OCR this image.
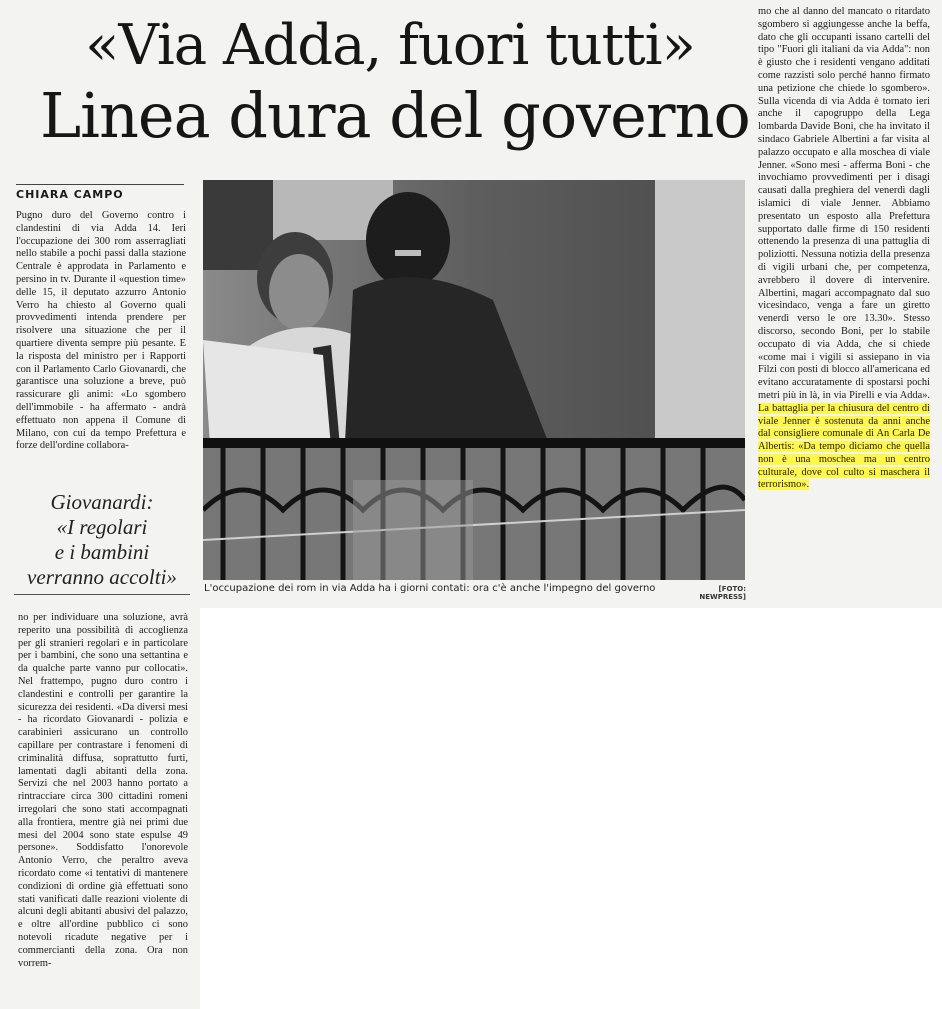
«Via Adda, fuori tutti»
Linea dura del governo

CHIARA CAMPO

Pugno duro del Governo contro i clandestini di via Adda 14. Ieri l'occupazione dei 300 rom asserragliati nello stabile a pochi passi dalla stazione Centrale è approdata in Parlamento e persino in tv. Durante il «question time» delle 15, il deputato azzurro Antonio Verro ha chiesto al Governo quali provvedimenti intenda prendere per risolvere una situazione che per il quartiere diventa sempre più pesante. E la risposta del ministro per i Rapporti con il Parlamento Carlo Giovanardi, che garantisce una soluzione a breve, può rassicurare gli animi: «Lo sgombero dell'immobile - ha affermato - andrà effettuato non appena il Comune di Milano, con cui da tempo Prefettura e forze dell'ordine collabora-

Giovanardi:
«I regolari
e i bambini
verranno accolti»	L'occupazione dei rom in via Adda ha i giorni contati: ora c'è anche l'impegno del governo	[FOTO: NEWPRESS]

mo che al danno del mancato o ritardato sgombero si aggiungesse anche la beffa, dato che gli occupanti issano cartelli del tipo "Fuori gli italiani da via Adda": non è giusto che i residenti vengano additati come razzisti solo perché hanno firmato una petizione che chiede lo sgombero». Sulla vicenda di via Adda è tornato ieri anche il capogruppo della Lega lombarda Davide Boni, che ha invitato il sindaco Gabriele Albertini a far visita al palazzo occupato e alla moschea di viale Jenner. «Sono mesi - afferma Boni - che invochiamo provvedimenti per i disagi causati dalla preghiera del venerdì dagli islamici di viale Jenner. Abbiamo presentato un esposto alla Prefettura supportato dalle firme di 150 residenti ottenendo la presenza di una pattuglia di poliziotti. Nessuna notizia della presenza di vigili urbani che, per competenza, avrebbero il dovere di intervenire. Albertini, magari accompagnato dal suo vicesindaco, venga a fare un giretto venerdì verso le ore 13.30». Stesso discorso, secondo Boni, per lo stabile occupato di via Adda, che si chiede «come mai i vigili si assiepano in via Filzi con posti di blocco all'americana ed evitano accuratamente di spostarsi pochi metri più in là, in via Pirelli e via Adda». La battaglia per la chiusura del centro di viale Jenner è sostenuta da anni anche dal consigliere comunale di An Carla De Albertis: «Da tempo diciamo che quella non è una moschea ma un centro culturale, dove col culto si maschera il terrorismo».

no per individuare una soluzione, avrà reperito una possibilità di accoglienza per gli stranieri regolari e in particolare per i bambini, che sono una settantina e da qualche parte vanno pur collocati». Nel frattempo, pugno duro contro i clandestini e controlli per garantire la sicurezza dei residenti. «Da diversi mesi - ha ricordato Giovanardi - polizia e carabinieri assicurano un controllo capillare per contrastare i fenomeni di criminalità diffusa, soprattutto furti, lamentati dagli abitanti della zona. Servizi che nel 2003 hanno portato a rintracciare circa 300 cittadini romeni irregolari che sono stati accompagnati alla frontiera, mentre già nei primi due mesi del 2004 sono state espulse 49 persone». Soddisfatto l'onorevole Antonio Verro, che peraltro aveva ricordato come «i tentativi di mantenere condizioni di ordine già effettuati sono stati vanificati dalle reazioni violente di alcuni degli abitanti abusivi del palazzo, e oltre all'ordine pubblico ci sono notevoli ricadute negative per i commercianti della zona. Ora non vorrem-
